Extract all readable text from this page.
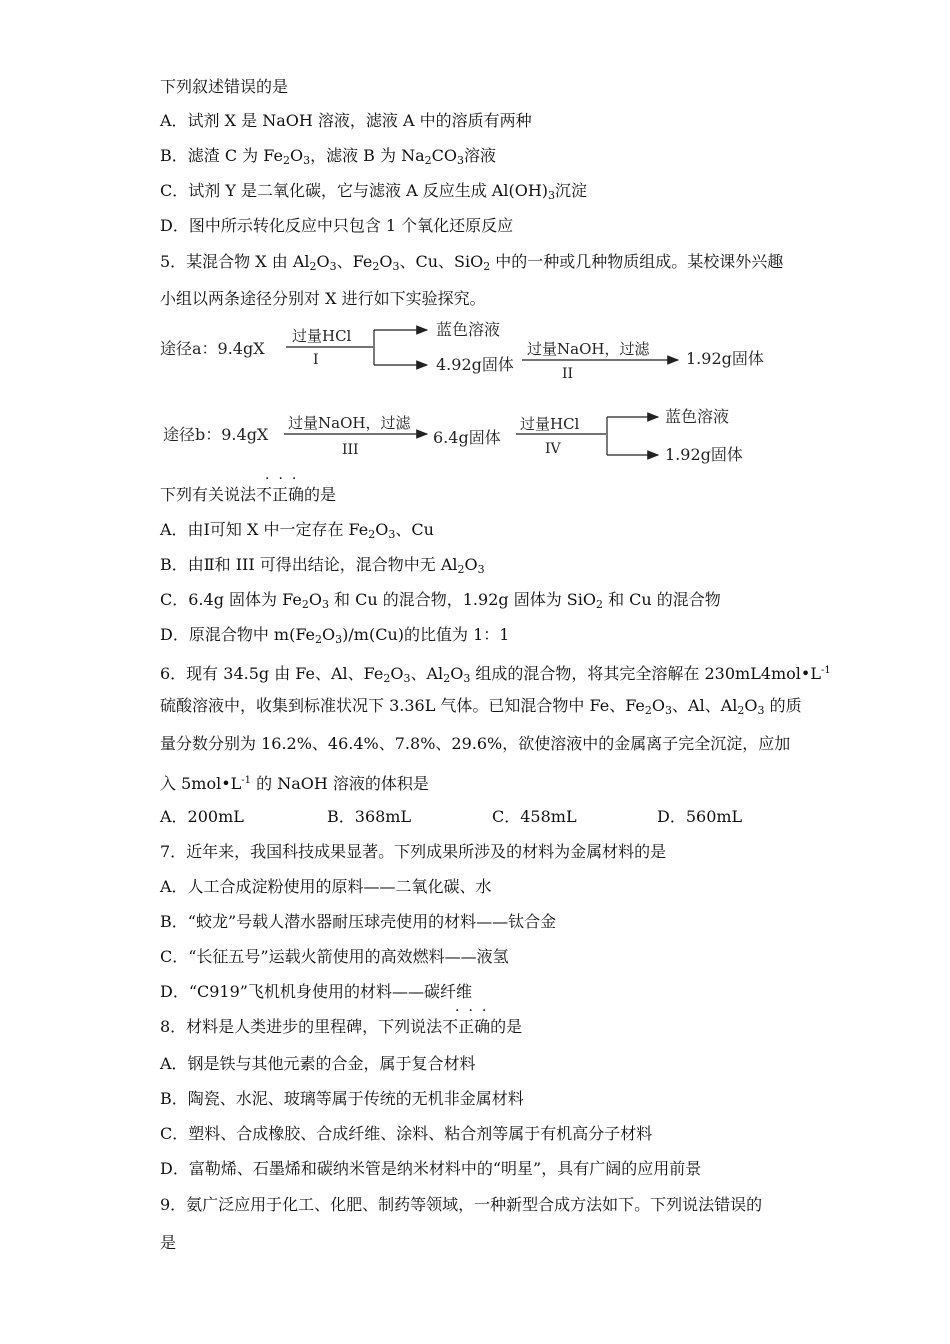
下列叙述错误的是
A．试剂 X 是 NaOH 溶液，滤液 A 中的溶质有两种
B．滤渣 C 为 $Fe_2O_3$，滤液 B 为 $Na_2CO_3$溶液
C．试剂 Y 是二氧化碳，它与滤液 A 反应生成 $Al(OH)_3$沉淀
D．图中所示转化反应中只包含 1 个氧化还原反应
5．某混合物 X 由 $Al_2O_3$、$Fe_2O_3$、Cu、SiO$_2$ 中的一种或几种物质组成。某校课外兴趣
小组以两条途径分别对 X 进行如下实验探究。
途径a：9.4gX
过量HCl
I
蓝色溶液
4.92g固体
过量NaOH，过滤
II
1.92g固体
途径b：9.4gX
过量NaOH，过滤
III
6.4g固体
过量HCl
IV
蓝色溶液
1.92g固体
···
下列有关说法不正确的是
A．由Ⅰ可知 X 中一定存在 $Fe_2O_3$、Cu
B．由Ⅱ和 III 可得出结论，混合物中无 $Al_2O_3$
C．6.4g 固体为 $Fe_2O_3$ 和 Cu 的混合物，1.92g 固体为 SiO$_2$ 和 Cu 的混合物
D．原混合物中 $m(Fe_2O_3)/m(Cu)$的比值为 1：1
6．现有 34.5g 由 Fe、Al、$Fe_2O_3$、$Al_2O_3$ 组成的混合物，将其完全溶解在 $230mL4mol•L^{-1}$
硫酸溶液中，收集到标准状况下 3.36L 气体。已知混合物中 Fe、$Fe_2O_3$、Al、$Al_2O_3$ 的质
量分数分别为 16.2%、46.4%、7.8%、29.6%，欲使溶液中的金属离子完全沉淀，应加
入 $5mol•L^{-1}$ 的 NaOH 溶液的体积是
A．200mL	B．368mL	C．458mL	D．560mL
7．近年来，我国科技成果显著。下列成果所涉及的材料为金属材料的是
A．人工合成淀粉使用的原料——二氧化碳、水
B．“蛟龙”号载人潜水器耐压球壳使用的材料——钛合金
C．“长征五号”运载火箭使用的高效燃料——液氢
D．“C919”飞机机身使用的材料——碳纤维
···
8．材料是人类进步的里程碑，下列说法不正确的是
A．钢是铁与其他元素的合金，属于复合材料
B．陶瓷、水泥、玻璃等属于传统的无机非金属材料
C．塑料、合成橡胶、合成纤维、涂料、粘合剂等属于有机高分子材料
D．富勒烯、石墨烯和碳纳米管是纳米材料中的“明星”，具有广阔的应用前景
9．氨广泛应用于化工、化肥、制药等领域，一种新型合成方法如下。下列说法错误的
是
